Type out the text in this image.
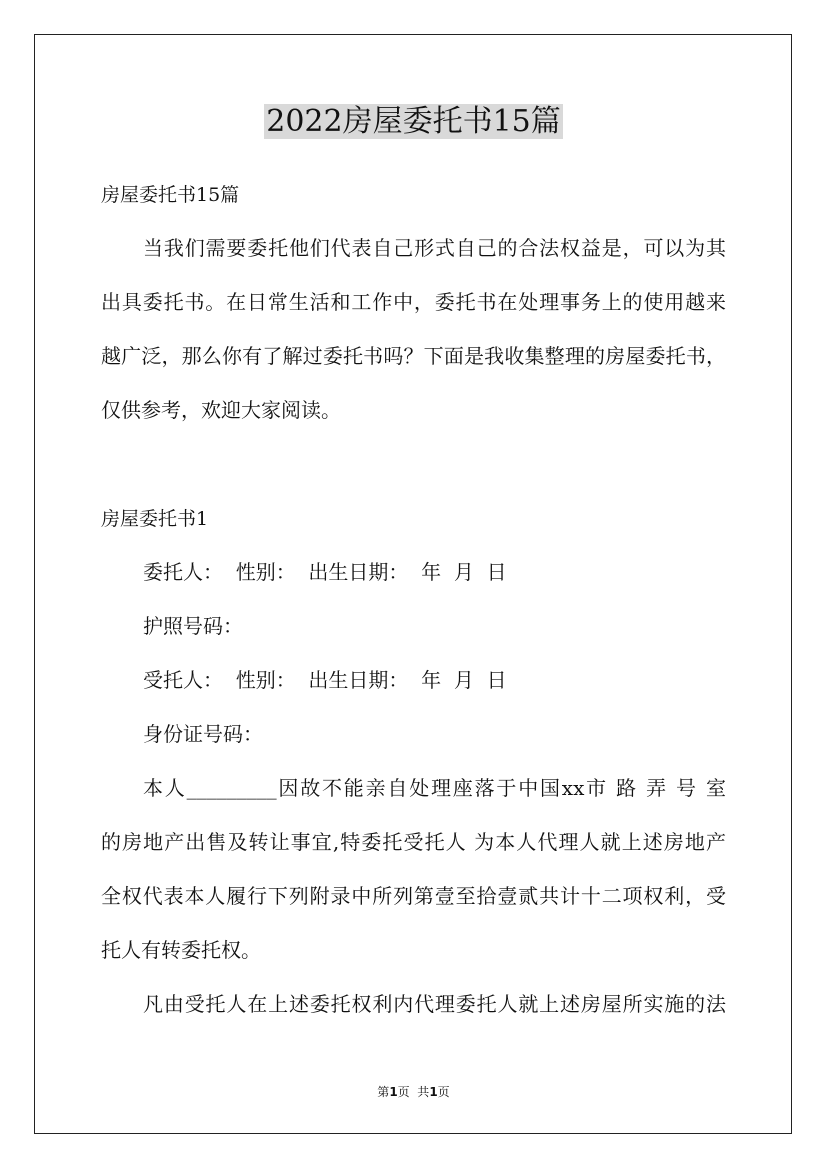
2022房屋委托书15篇
房屋委托书15篇
当我们需要委托他们代表自己形式自己的合法权益是，可以为其
出具委托书。在日常生活和工作中，委托书在处理事务上的使用越来
越广泛，那么你有了解过委托书吗？下面是我收集整理的房屋委托书，
仅供参考，欢迎大家阅读。
房屋委托书1
委托人：  性别：  出生日期：  年  月  日
护照号码：
受托人：  性别：  出生日期：  年  月  日
身份证号码：
本人_________因故不能亲自处理座落于中国xx市 路 弄 号 室
的房地产出售及转让事宜,特委托受托人 为本人代理人就上述房地产
全权代表本人履行下列附录中所列第壹至拾壹贰共计十二项权利，受
托人有转委托权。
凡由受托人在上述委托权利内代理委托人就上述房屋所实施的法
第1页  共1页
